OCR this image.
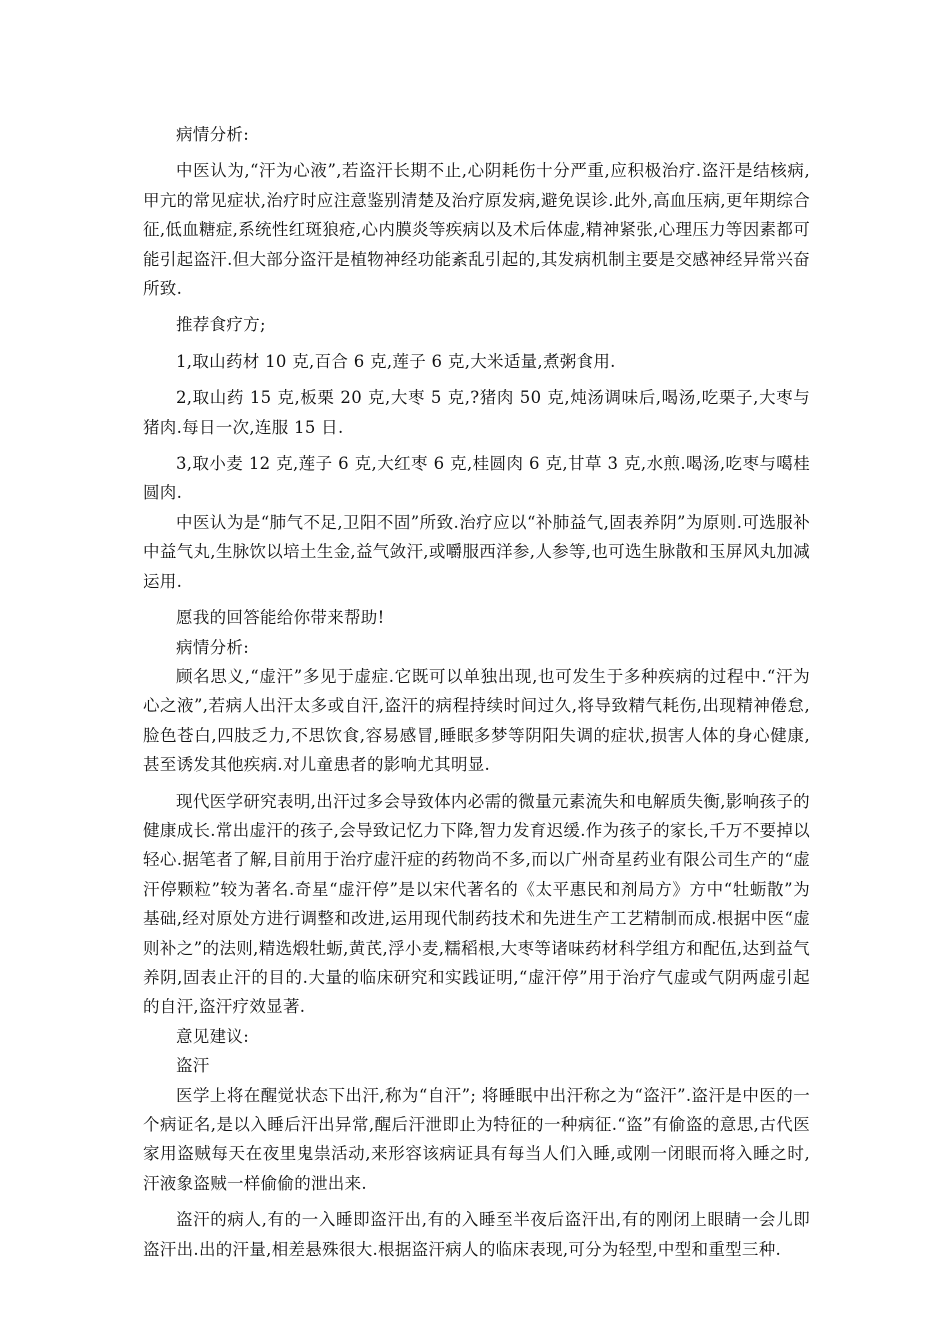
病情分析:

中医认为,“汗为心液”,若盗汗长期不止,心阴耗伤十分严重,应积极治疗.盗汗是结核病,甲亢的常见症状,治疗时应注意鉴别清楚及治疗原发病,避免误诊.此外,高血压病,更年期综合征,低血糖症,系统性红斑狼疮,心内膜炎等疾病以及术后体虚,精神紧张,心理压力等因素都可能引起盗汗.但大部分盗汗是植物神经功能紊乱引起的,其发病机制主要是交感神经异常兴奋所致.

推荐食疗方;

1,取山药材 10 克,百合 6 克,莲子 6 克,大米适量,煮粥食用.

2,取山药 15 克,板栗 20 克,大枣 5 克,?猪肉 50 克,炖汤调味后,喝汤,吃栗子,大枣与猪肉.每日一次,连服 15 日.

3,取小麦 12 克,莲子 6 克,大红枣 6 克,桂圆肉 6 克,甘草 3 克,水煎.喝汤,吃枣与噶桂圆肉.

中医认为是“肺气不足,卫阳不固”所致.治疗应以“补肺益气,固表养阴”为原则.可选服补中益气丸,生脉饮以培土生金,益气敛汗,或嚼服西洋参,人参等,也可选生脉散和玉屏风丸加减运用.

愿我的回答能给你带来帮助!

病情分析:

顾名思义,“虚汗”多见于虚症.它既可以单独出现,也可发生于多种疾病的过程中.“汗为心之液”,若病人出汗太多或自汗,盗汗的病程持续时间过久,将导致精气耗伤,出现精神倦怠,脸色苍白,四肢乏力,不思饮食,容易感冒,睡眠多梦等阴阳失调的症状,损害人体的身心健康,甚至诱发其他疾病.对儿童患者的影响尤其明显.

现代医学研究表明,出汗过多会导致体内必需的微量元素流失和电解质失衡,影响孩子的健康成长.常出虚汗的孩子,会导致记忆力下降,智力发育迟缓.作为孩子的家长,千万不要掉以轻心.据笔者了解,目前用于治疗虚汗症的药物尚不多,而以广州奇星药业有限公司生产的“虚汗停颗粒”较为著名.奇星“虚汗停”是以宋代著名的《太平惠民和剂局方》方中“牡蛎散”为基础,经对原处方进行调整和改进,运用现代制药技术和先进生产工艺精制而成.根据中医“虚则补之”的法则,精选煅牡蛎,黄芪,浮小麦,糯稻根,大枣等诸味药材科学组方和配伍,达到益气养阴,固表止汗的目的.大量的临床研究和实践证明,“虚汗停”用于治疗气虚或气阴两虚引起的自汗,盗汗疗效显著.

意见建议:

盗汗

医学上将在醒觉状态下出汗,称为“自汗”; 将睡眠中出汗称之为“盗汗”.盗汗是中医的一个病证名,是以入睡后汗出异常,醒后汗泄即止为特征的一种病征.“盗”有偷盗的意思,古代医家用盗贼每天在夜里鬼祟活动,来形容该病证具有每当人们入睡,或刚一闭眼而将入睡之时,汗液象盗贼一样偷偷的泄出来.

盗汗的病人,有的一入睡即盗汗出,有的入睡至半夜后盗汗出,有的刚闭上眼睛一会儿即盗汗出.出的汗量,相差悬殊很大.根据盗汗病人的临床表现,可分为轻型,中型和重型三种.
